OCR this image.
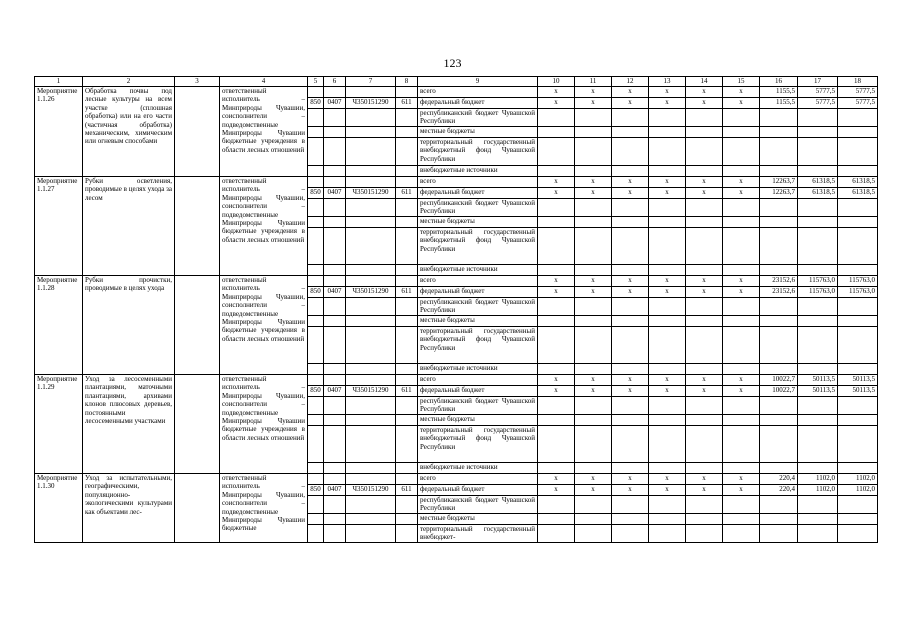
123
1	2	3	4	5	6	7	8	9	10	11	12	13	14	15	16	17	18
Мероприятие 1.1.26	Обработка почвы под лесные культуры на всем участке (сплошная обработка) или на его части (частичная обработка) механическим, химическим или огневым способами		ответственный исполнитель – Минприроды Чувашии, соисполнители – подведомственные Минприроды Чувашии бюджетные учреждения в области лесных отношений					всего	x	x	x	x	x	x	1155,5	5777,5	5777,5
				850	0407	Ч350151290	611	федеральный бюджет	x	x	x	x	x	x	1155,5	5777,5	5777,5
								республиканский бюджет Чувашской Республики									
								местные бюджеты									
								территориальный государственный внебюджетный фонд Чувашской Республики									
								внебюджетные источники									
Мероприятие 1.1.27	Рубки осветления, проводимые в целях ухода за лесом		ответственный исполнитель – Минприроды Чувашии, соисполнители – подведомственные Минприроды Чувашии бюджетные учреждения в области лесных отношений					всего	x	x	x	x	x	x	12263,7	61318,5	61318,5
				850	0407	Ч350151290	611	федеральный бюджет	x	x	x	x	x	x	12263,7	61318,5	61318,5
								республиканский бюджет Чувашской Республики									
								местные бюджеты									
								территориальный государственный внебюджетный фонд Чувашской Республики									
								внебюджетные источники									
Мероприятие 1.1.28	Рубки прочистки, проводимые в целях ухода		ответственный исполнитель – Минприроды Чувашии, соисполнители – подведомственные Минприроды Чувашии бюджетные учреждения в области лесных отношений					всего	x	x	x	x	x	x	23152,6	115763,0	115763,0
				850	0407	Ч350151290	611	федеральный бюджет	x	x	x	x	x	x	23152,6	115763,0	115763,0
								республиканский бюджет Чувашской Республики									
								местные бюджеты									
								территориальный государственный внебюджетный фонд Чувашской Республики									
								внебюджетные источники									
Мероприятие 1.1.29	Уход за лесосеменными плантациями, маточными плантациями, архивами клонов плюсовых деревьев, постоянными лесосеменными участками		ответственный исполнитель – Минприроды Чувашии, соисполнители – подведомственные Минприроды Чувашии бюджетные учреждения в области лесных отношений					всего	x	x	x	x	x	x	10022,7	50113,5	50113,5
				850	0407	Ч350151290	611	федеральный бюджет	x	x	x	x	x	x	10022,7	50113,5	50113,5
								республиканский бюджет Чувашской Республики									
								местные бюджеты									
								территориальный государственный внебюджетный фонд Чувашской Республики									
								внебюджетные источники									
Мероприятие 1.1.30	Уход за испытательными, географическими, популяционно-экологическими культурами как объектами лес-		ответственный исполнитель – Минприроды Чувашии, соисполнители – подведомственные Минприроды Чувашии бюджетные					всего	x	x	x	x	x	x	220,4	1102,0	1102,0
				850	0407	Ч350151290	611	федеральный бюджет	x	x	x	x	x	x	220,4	1102,0	1102,0
								республиканский бюджет Чувашской Республики									
								местные бюджеты									
								территориальный государственный внебюджет-									
